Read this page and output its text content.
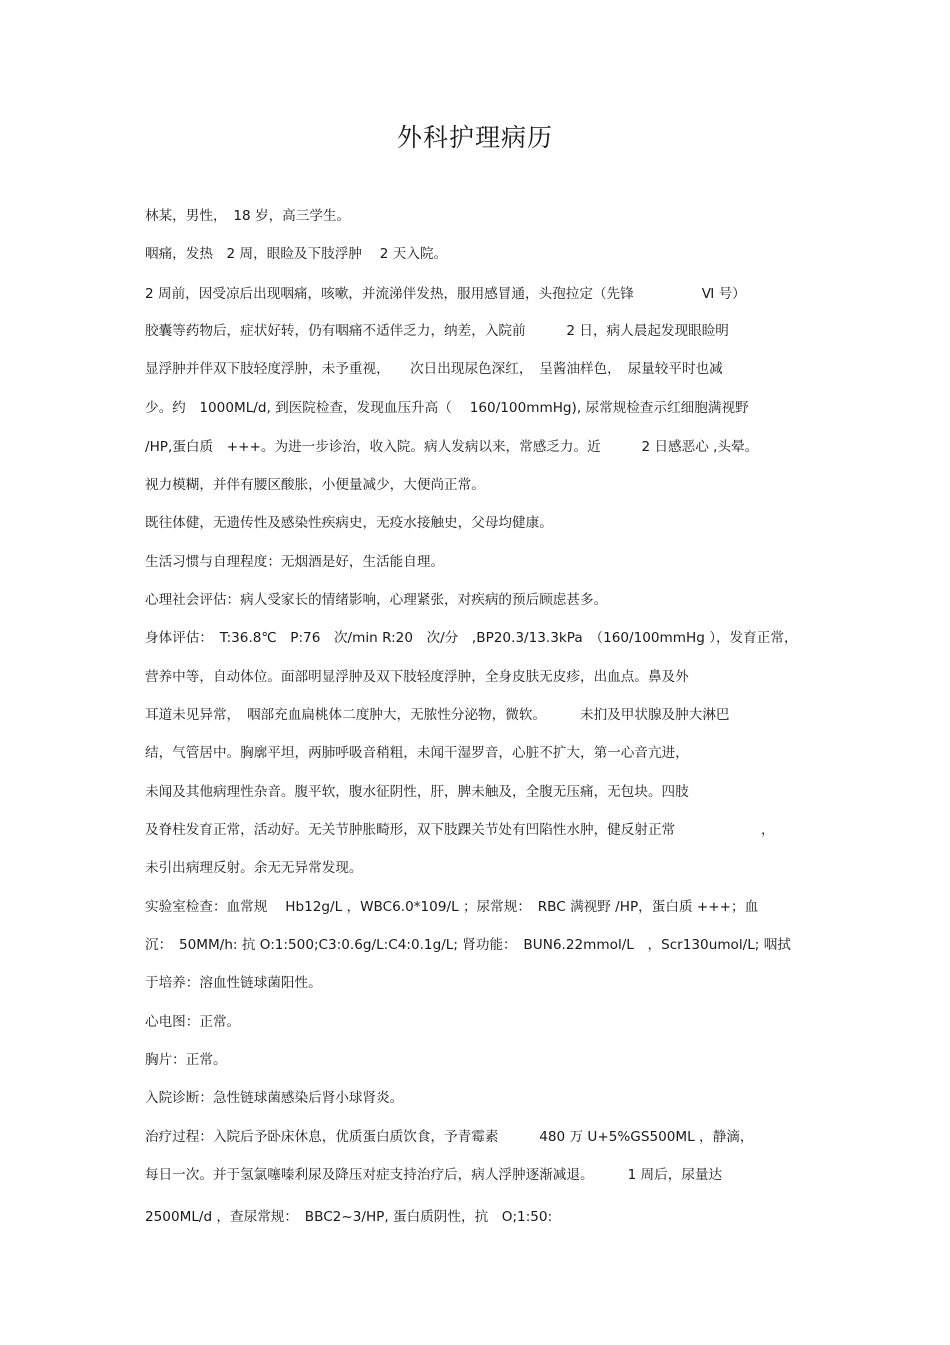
外科护理病历
林某，男性，　18 岁，高三学生。
咽痛，发热　2 周，眼睑及下肢浮肿　 2 天入院。
2 周前，因受凉后出现咽痛，咳嗽，并流涕伴发热，服用感冒通，头孢拉定（先锋　　　　　Ⅵ 号）
胶囊等药物后，症状好转，仍有咽痛不适伴乏力，纳差，入院前　　　2 日，病人晨起发现眼睑明
显浮肿并伴双下肢轻度浮肿，未予重视，　　次日出现尿色深红，　呈酱油样色，　尿量较平时也减
少。约　1000ML/d, 到医院检查，发现血压升高（　 160/100mmHg), 尿常规检查示红细胞满视野
/HP,蛋白质　+++。为进一步诊治，收入院。病人发病以来，常感乏力。近　　　2 日感恶心 ,头晕。
视力模糊，并伴有腰区酸胀，小便量减少，大便尚正常。
既往体健，无遗传性及感染性疾病史，无疫水接触史，父母均健康。
生活习惯与自理程度：无烟酒是好，生活能自理。
心理社会评估：病人受家长的情绪影响，心理紧张，对疾病的预后顾虑甚多。
身体评估：　T:36.8℃　P:76　次/min R:20　次/分　,BP20.3/13.3kPa　（160/100mmHg ），发育正常，
营养中等，自动体位。面部明显浮肿及双下肢轻度浮肿，全身皮肤无皮疹，出血点。鼻及外
耳道未见异常，　咽部充血扁桃体二度肿大，无脓性分泌物，微软。　　　未扪及甲状腺及肿大淋巴
结，气管居中。胸廓平坦，两肺呼吸音稍粗，未闻干湿罗音，心脏不扩大，第一心音亢进，
未闻及其他病理性杂音。腹平软，腹水征阴性，肝，脾未触及，全腹无压痛，无包块。四肢
及脊柱发育正常，活动好。无关节肿胀畸形，双下肢踝关节处有凹陷性水肿，健反射正常　　　　　　 ，
未引出病理反射。余无无异常发现。
实验室检查：血常规　 Hb12g/L ，WBC6.0*109/L ；尿常规：　RBC 满视野 /HP，蛋白质 +++；血
沉：　50MM/h: 抗 O:1:500;C3:0.6g/L:C4:0.1g/L; 肾功能：　BUN6.22mmol/L　，Scr130umol/L; 咽拭
于培养：溶血性链球菌阳性。
心电图：正常。
胸片：正常。
入院诊断：急性链球菌感染后肾小球肾炎。
治疗过程：入院后予卧床休息，优质蛋白质饮食，予青霉素　　　480 万 U+5%GS500ML ，静滴，
每日一次。并于氢氯噻嗪利尿及降压对症支持治疗后，病人浮肿逐渐减退。　　　1 周后，尿量达
2500ML/d ，查尿常规：　BBC2~3/HP, 蛋白质阴性，抗　O;1:50:
